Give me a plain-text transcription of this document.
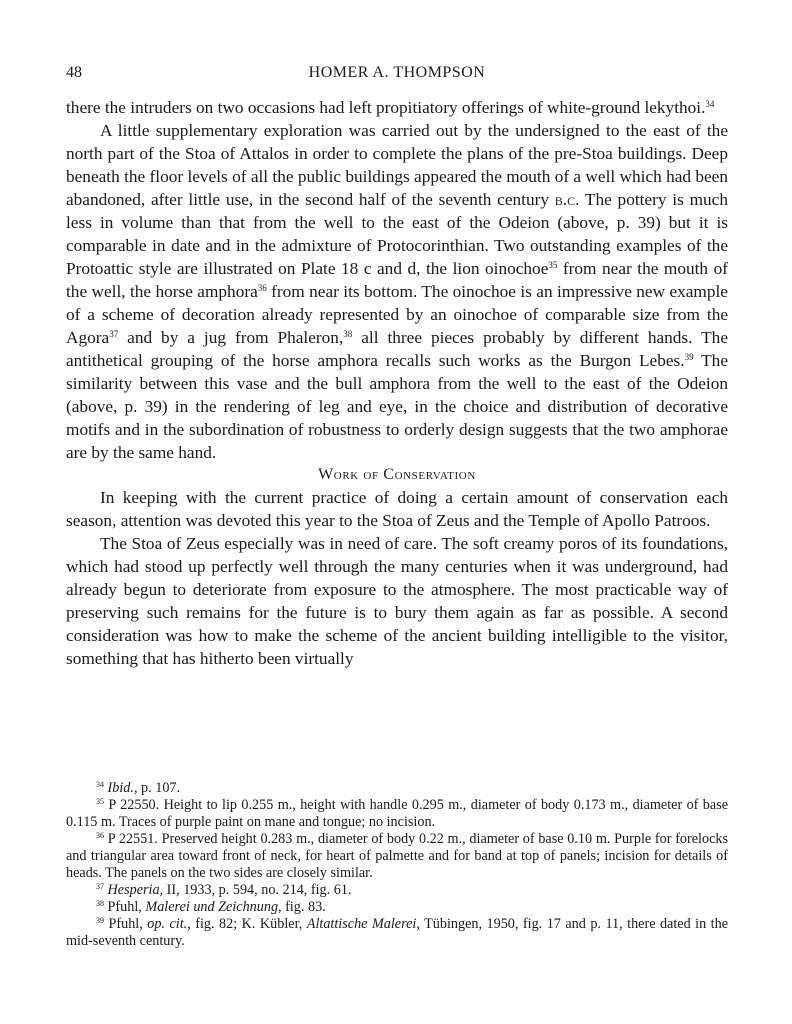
48	HOMER A. THOMPSON

there the intruders on two occasions had left propitiatory offerings of white-ground lekythoi.$^{34}$

A little supplementary exploration was carried out by the undersigned to the east of the north part of the Stoa of Attalos in order to complete the plans of the pre-Stoa buildings. Deep beneath the floor levels of all the public buildings appeared the mouth of a well which had been abandoned, after little use, in the second half of the seventh century b.c. The pottery is much less in volume than that from the well to the east of the Odeion (above, p. 39) but it is comparable in date and in the admixture of Protocorinthian. Two outstanding examples of the Protoattic style are illustrated on Plate 18 c and d, the lion oinochoe$^{35}$ from near the mouth of the well, the horse amphora$^{36}$ from near its bottom. The oinochoe is an impressive new example of a scheme of decoration already represented by an oinochoe of comparable size from the Agora$^{37}$ and by a jug from Phaleron,$^{38}$ all three pieces probably by different hands. The antithetical grouping of the horse amphora recalls such works as the Burgon Lebes.$^{39}$ The similarity between this vase and the bull amphora from the well to the east of the Odeion (above, p. 39) in the rendering of leg and eye, in the choice and distribution of decorative motifs and in the subordination of robustness to orderly design suggests that the two amphorae are by the same hand.

Work of Conservation

In keeping with the current practice of doing a certain amount of conservation each season, attention was devoted this year to the Stoa of Zeus and the Temple of Apollo Patroos.

The Stoa of Zeus especially was in need of care. The soft creamy poros of its foundations, which had stood up perfectly well through the many centuries when it was underground, had already begun to deteriorate from exposure to the atmosphere. The most practicable way of preserving such remains for the future is to bury them again as far as possible. A second consideration was how to make the scheme of the ancient building intelligible to the visitor, something that has hitherto been virtually

$^{34}$ Ibid., p. 107.

$^{35}$ P 22550. Height to lip 0.255 m., height with handle 0.295 m., diameter of body 0.173 m., diameter of base 0.115 m. Traces of purple paint on mane and tongue; no incision.

$^{36}$ P 22551. Preserved height 0.283 m., diameter of body 0.22 m., diameter of base 0.10 m. Purple for forelocks and triangular area toward front of neck, for heart of palmette and for band at top of panels; incision for details of heads. The panels on the two sides are closely similar.

$^{37}$ Hesperia, II, 1933, p. 594, no. 214, fig. 61.

$^{38}$ Pfuhl, Malerei und Zeichnung, fig. 83.

$^{39}$ Pfuhl, op. cit., fig. 82; K. Kübler, Altattische Malerei, Tübingen, 1950, fig. 17 and p. 11, there dated in the mid-seventh century.
